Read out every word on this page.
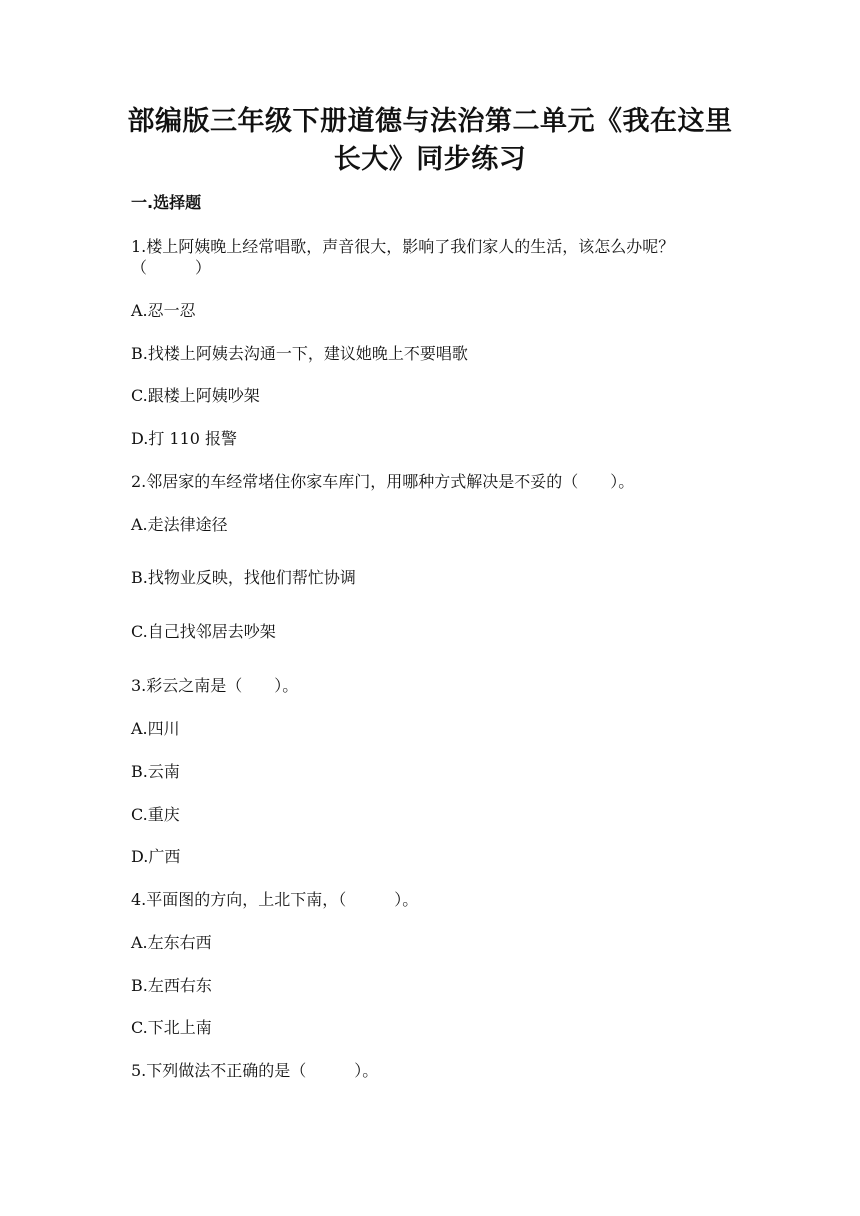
部编版三年级下册道德与法治第二单元《我在这里
长大》同步练习
一.选择题
1.楼上阿姨晚上经常唱歌，声音很大，影响了我们家人的生活，该怎么办呢？
（　　　）
A.忍一忍
B.找楼上阿姨去沟通一下，建议她晚上不要唱歌
C.跟楼上阿姨吵架
D.打 110 报警
2.邻居家的车经常堵住你家车库门，用哪种方式解决是不妥的（　　）。
A.走法律途径
B.找物业反映，找他们帮忙协调
C.自己找邻居去吵架
3.彩云之南是（　　）。
A.四川
B.云南
C.重庆
D.广西
4.平面图的方向，上北下南，（　　　）。
A.左东右西
B.左西右东
C.下北上南
5.下列做法不正确的是（　　　）。
